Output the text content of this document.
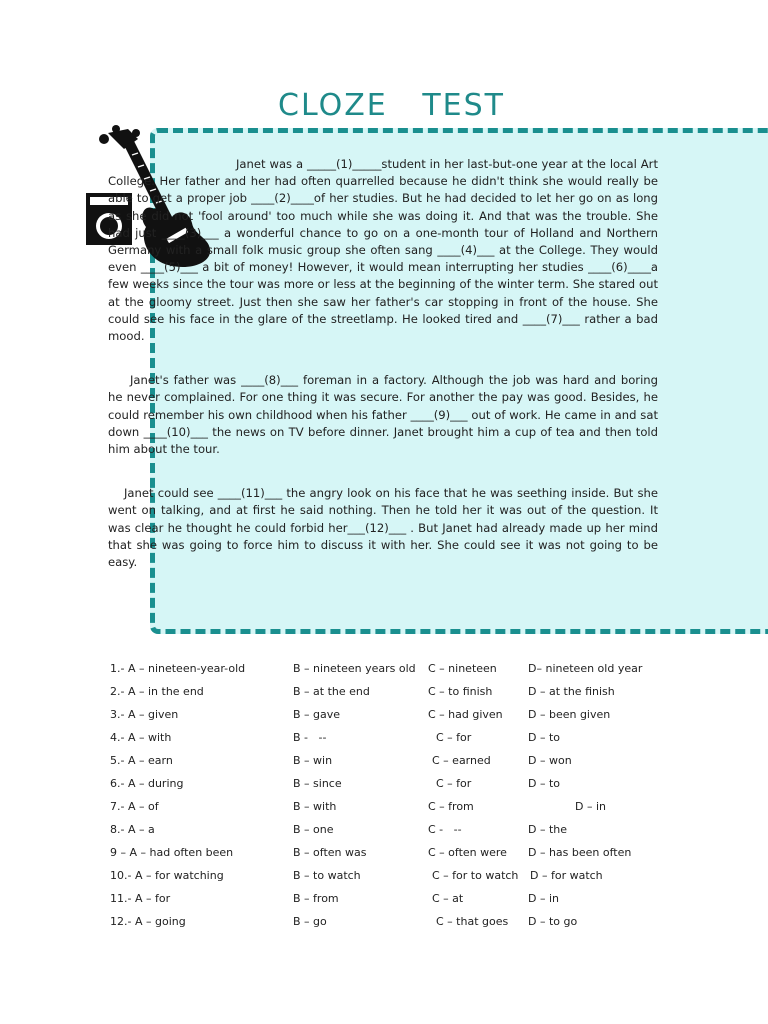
CLOZE   TEST

Janet was a _____(1)_____student in her last-but-one year at the local Art College. Her father and her had often quarrelled because he didn't think she would really be able to get a proper job ____(2)____of her studies. But he had decided to let her go on as long as she did not 'fool around' too much while she was doing it. And that was the trouble. She had just ____(3)___ a wonderful chance to go on a one-month tour of Holland and Northern Germany with a small folk music group she often sang ____(4)___ at the College. They would even ____(5)___ a bit of money! However, it would mean interrupting her studies ____(6)____a few weeks since the tour was more or less at the beginning of the winter term. She stared out at the gloomy street. Just then she saw her father's car stopping in front of the house. She could see his face in the glare of the streetlamp. He looked tired and ____(7)___ rather a bad mood.

Janet's father was ____(8)___ foreman in a factory. Although the job was hard and boring he never complained. For one thing it was secure. For another the pay was good. Besides, he could remember his own childhood when his father ____(9)___ out of work. He came in and sat down ____(10)___ the news on TV before dinner. Janet brought him a cup of tea and then told him about the tour.

Janet could see ____(11)___ the angry look on his face that he was seething inside. But she went on talking, and at first he said nothing. Then he told her it was out of the question. It was clear he thought he could forbid her___(12)___ . But Janet had already made up her mind that she was going to force him to discuss it with her. She could see it was not going to be easy.

1.- A – nineteen-year-old	B – nineteen years old C – nineteen	D– nineteen old year
2.- A – in the end	B – at the end	C – to finish	D – at the finish
3.- A – given	B – gave	C – had given D – been given
4.- A – with	B -   --	C – for	D – to
5.- A – earn	B – win	C – earned	D – won
6.- A – during	B – since	C – for	D – to
7.- A – of	B – with	C – from	D – in
8.- A – a	B – one	C -   --	D – the
9 – A – had often been	B – often was	C – often were D – has been often
10.- A – for watching	B – to watch	C – for to watch D – for watch
11.- A – for	B – from	C – at	D – in
12.- A – going	B – go	C – that goes D – to go
